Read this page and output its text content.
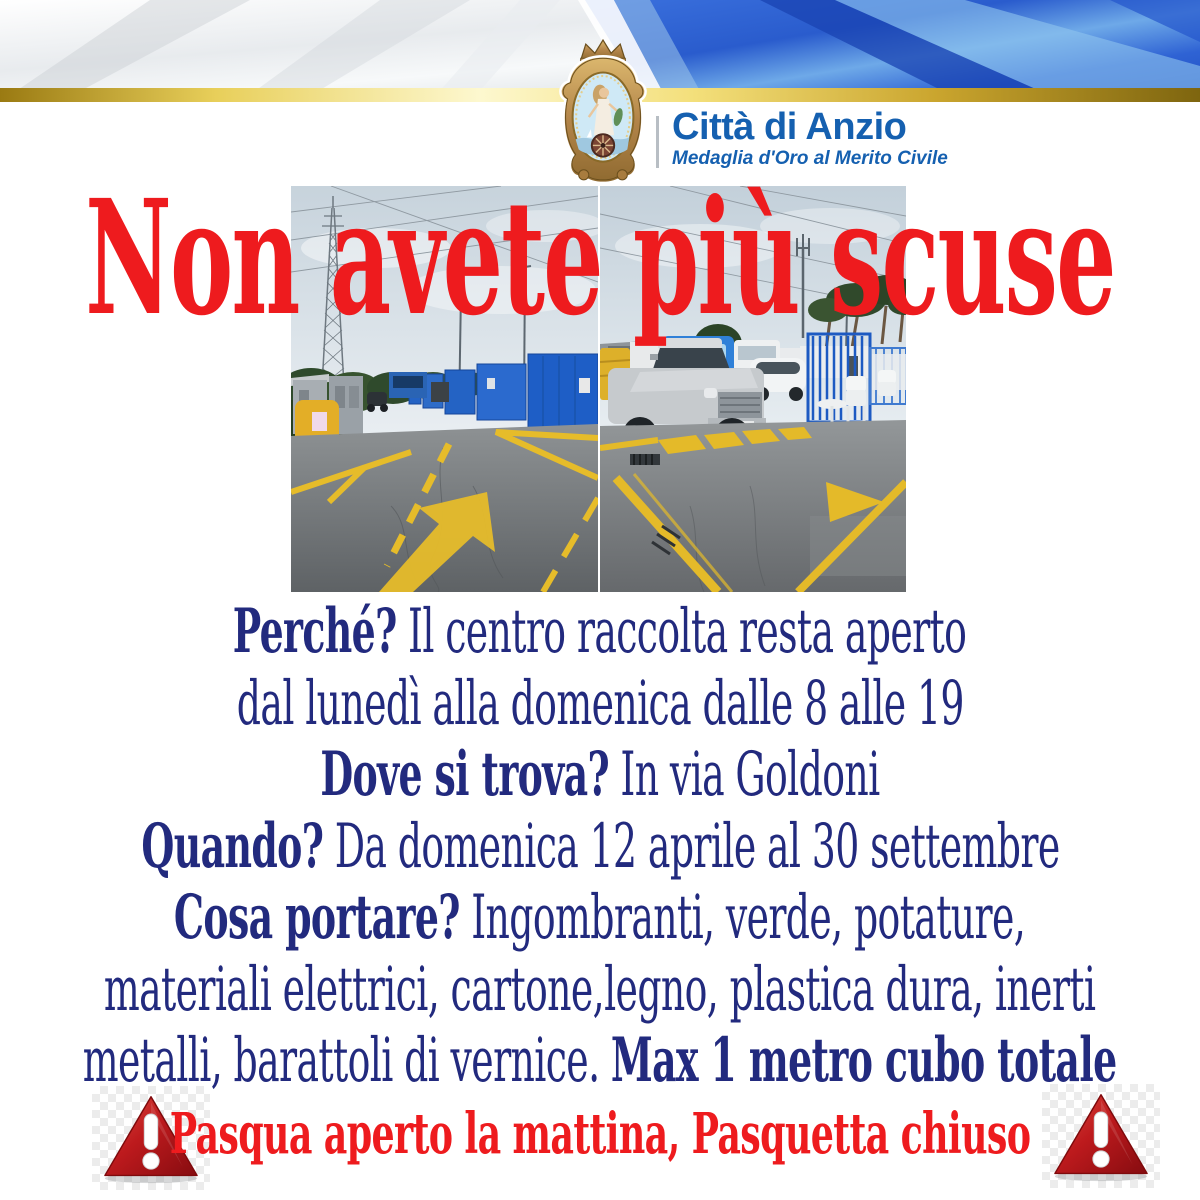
Città di Anzio
Medaglia d'Oro al Merito Civile
Non avete più scuse
Perché? Il centro raccolta resta aperto
dal lunedì alla domenica dalle 8 alle 19
Dove si trova? In via Goldoni
Quando? Da domenica 12 aprile al 30 settembre
Cosa portare? Ingombranti, verde, potature,
materiali elettrici, cartone,legno, plastica dura, inerti
metalli, barattoli di vernice. Max 1 metro cubo totale
Pasqua aperto la mattina, Pasquetta chiuso
